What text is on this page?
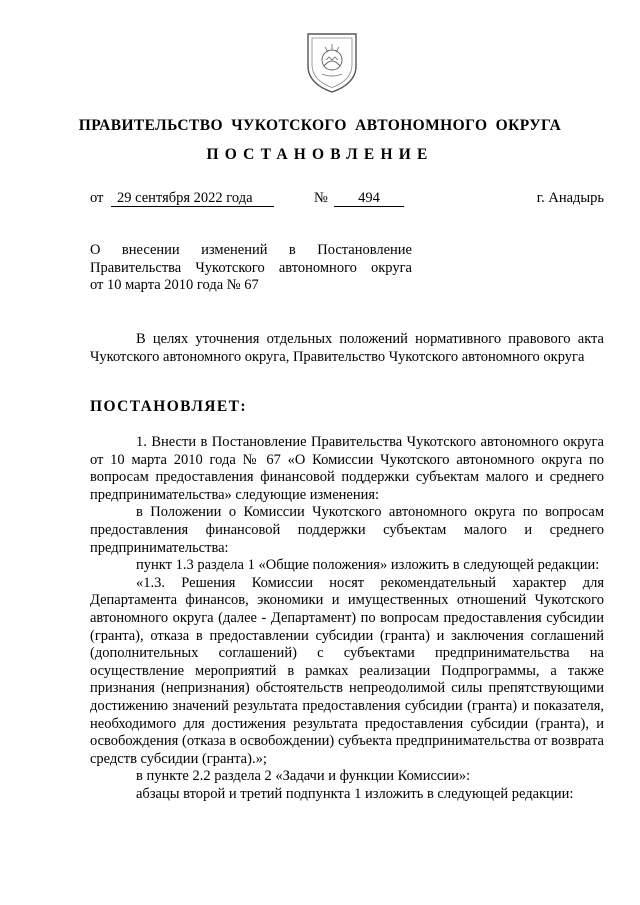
ПРАВИТЕЛЬСТВО ЧУКОТСКОГО АВТОНОМНОГО ОКРУГА
ПОСТАНОВЛЕНИЕ
от 29 сентября 2022 года	№	494	г. Анадырь
О внесении изменений в Постановление
Правительства Чукотского автономного округа
от 10 марта 2010 года № 67

В целях уточнения отдельных положений нормативного правового акта Чукотского автономного округа, Правительство Чукотского автономного округа

ПОСТАНОВЛЯЕТ:

1. Внести в Постановление Правительства Чукотского автономного округа от 10 марта 2010 года № 67 «О Комиссии Чукотского автономного округа по вопросам предоставления финансовой поддержки субъектам малого и среднего предпринимательства» следующие изменения:

в Положении о Комиссии Чукотского автономного округа по вопросам предоставления финансовой поддержки субъектам малого и среднего предпринимательства:

пункт 1.3 раздела 1 «Общие положения» изложить в следующей редакции:

«1.3. Решения Комиссии носят рекомендательный характер для Департамента финансов, экономики и имущественных отношений Чукотского автономного округа (далее - Департамент) по вопросам предоставления субсидии (гранта), отказа в предоставлении субсидии (гранта) и заключения соглашений (дополнительных соглашений) с субъектами предпринимательства на осуществление мероприятий в рамках реализации Подпрограммы, а также признания (непризнания) обстоятельств непреодолимой силы препятствующими достижению значений результата предоставления субсидии (гранта) и показателя, необходимого для достижения результата предоставления субсидии (гранта), и освобождения (отказа в освобождении) субъекта предпринимательства от возврата средств субсидии (гранта).»;

в пункте 2.2 раздела 2 «Задачи и функции Комиссии»:

абзацы второй и третий подпункта 1 изложить в следующей редакции:
